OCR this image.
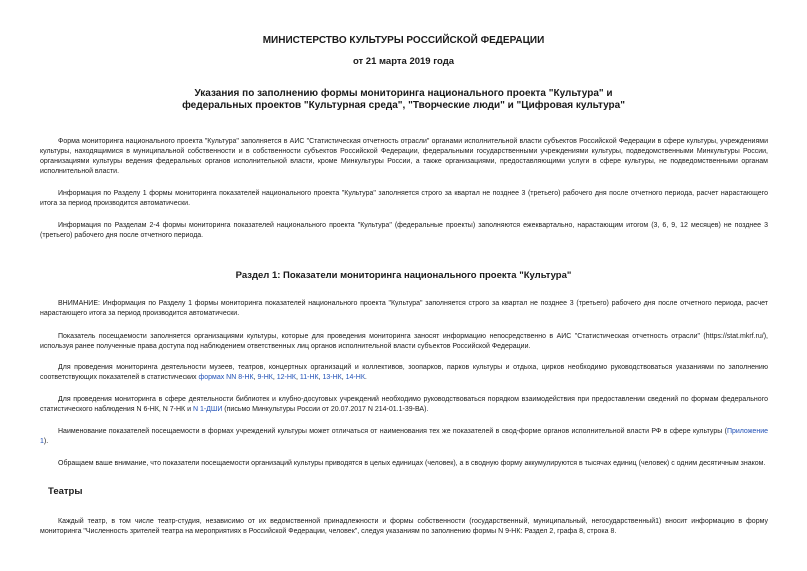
МИНИСТЕРСТВО КУЛЬТУРЫ РОССИЙСКОЙ ФЕДЕРАЦИИ
от 21 марта 2019 года
Указания по заполнению формы мониторинга национального проекта "Культура" и федеральных проектов "Культурная среда", "Творческие люди" и "Цифровая культура"

Форма мониторинга национального проекта "Культура" заполняется в АИС "Статистическая отчетность отрасли" органами исполнительной власти субъектов Российской Федерации в сфере культуры, учреждениями культуры, находящимися в муниципальной собственности и в собственности субъектов Российской Федерации, федеральными государственными учреждениями культуры, подведомственными Минкультуры России, организациями культуры ведения федеральных органов исполнительной власти, кроме Минкультуры России, а также организациями, предоставляющими услуги в сфере культуры, не подведомственными органам исполнительной власти.

Информация по Разделу 1 формы мониторинга показателей национального проекта "Культура" заполняется строго за квартал не позднее 3 (третьего) рабочего дня после отчетного периода, расчет нарастающего итога за период производится автоматически.

Информация по Разделам 2-4 формы мониторинга показателей национального проекта "Культура" (федеральные проекты) заполняются ежеквартально, нарастающим итогом (3, 6, 9, 12 месяцев) не позднее 3 (третьего) рабочего дня после отчетного периода.

Раздел 1: Показатели мониторинга национального проекта "Культура"

ВНИМАНИЕ: Информация по Разделу 1 формы мониторинга показателей национального проекта "Культура" заполняется строго за квартал не позднее 3 (третьего) рабочего дня после отчетного периода, расчет нарастающего итога за период производится автоматически.

Показатель посещаемости заполняется организациями культуры, которые для проведения мониторинга заносят информацию непосредственно в АИС "Статистическая отчетность отрасли" (https://stat.mkrf.ru/), используя ранее полученные права доступа под наблюдением ответственных лиц органов исполнительной власти субъектов Российской Федерации.

Для проведения мониторинга деятельности музеев, театров, концертных организаций и коллективов, зоопарков, парков культуры и отдыха, цирков необходимо руководствоваться указаниями по заполнению соответствующих показателей в статистических формах NN 8-НК, 9-НК, 12-НК, 11-НК, 13-НК, 14-НК.

Для проведения мониторинга в сфере деятельности библиотек и клубно-досуговых учреждений необходимо руководствоваться порядком взаимодействия при предоставлении сведений по формам федерального статистического наблюдения N 6-НК, N 7-НК и N 1-ДШИ (письмо Минкультуры России от 20.07.2017 N 214-01.1-39-ВА).

Наименование показателей посещаемости в формах учреждений культуры может отличаться от наименования тех же показателей в свод-форме органов исполнительной власти РФ в сфере культуры (Приложение 1).

Обращаем ваше внимание, что показатели посещаемости организаций культуры приводятся в целых единицах (человек), а в сводную форму аккумулируются в тысячах единиц (человек) с одним десятичным знаком.

Театры

Каждый театр, в том числе театр-студия, независимо от их ведомственной принадлежности и формы собственности (государственный, муниципальный, негосударственный1) вносит информацию в форму мониторинга "Численность зрителей театра на мероприятиях в Российской Федерации, человек", следуя указаниям по заполнению формы N 9-НК: Раздел 2, графа 8, строка 8.
